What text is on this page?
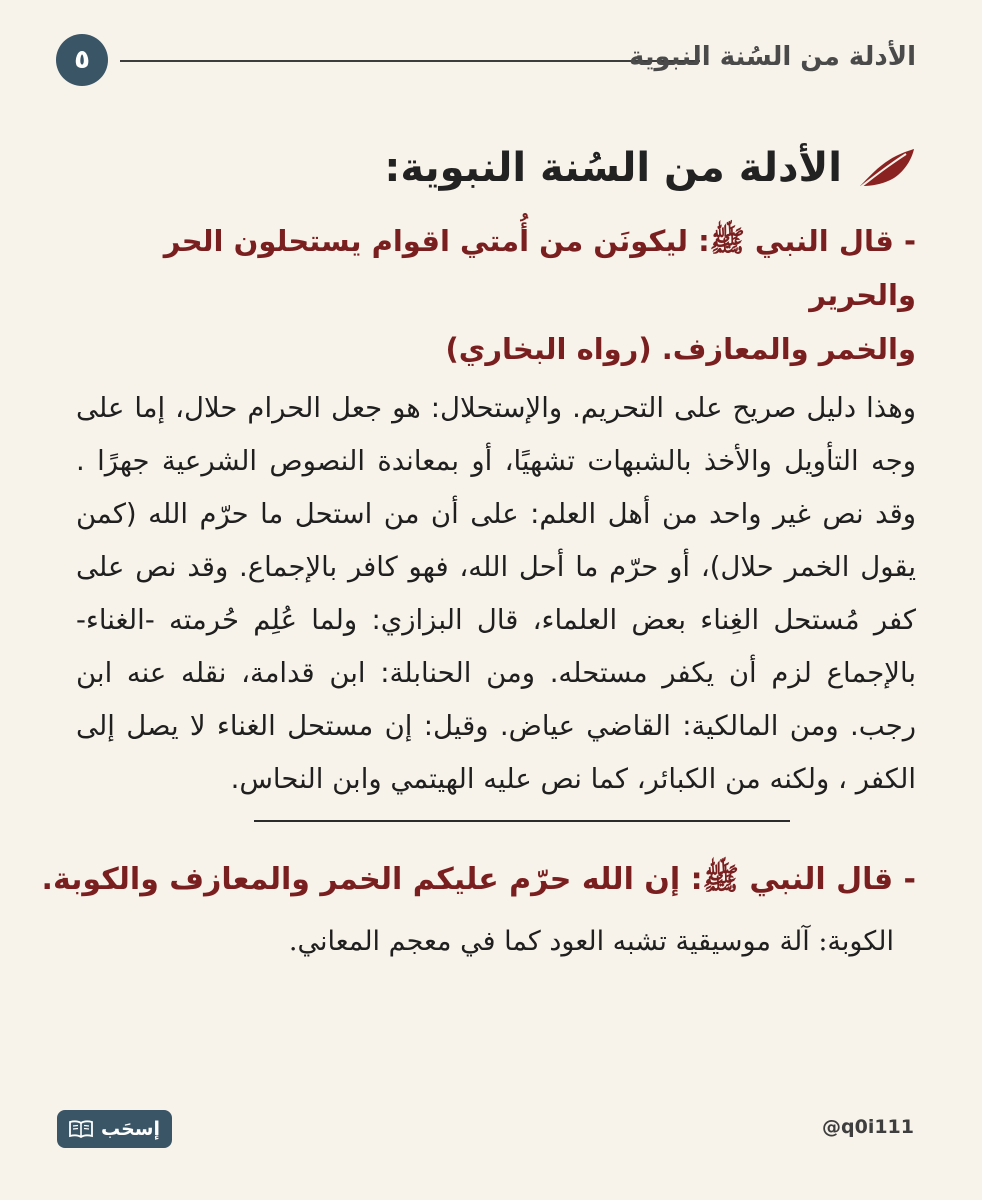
٥	الأدلة من السُنة النبوية
الأدلة من السُنة النبوية:

- قال النبي ﷺ: ليكونَن من أُمتي اقوام يستحلون الحر والحرير
والخمر والمعازف. (رواه البخاري)

وهذا دليل صريح على التحريم. والإستحلال: هو جعل الحرام حلال، إما على وجه التأويل والأخذ بالشبهات تشهيًا، أو بمعاندة النصوص الشرعية جهرًا . وقد نص غير واحد من أهل العلم: على أن من استحل ما حرّم الله (كمن يقول الخمر حلال)، أو حرّم ما أحل الله، فهو كافر بالإجماع. وقد نص على كفر مُستحل الغِناء بعض العلماء، قال البزازي: ولما عُلِم حُرمته -الغناء- بالإجماع لزم أن يكفر مستحله. ومن الحنابلة: ابن قدامة، نقله عنه ابن رجب. ومن المالكية: القاضي عياض. وقيل: إن مستحل الغناء لا يصل إلى الكفر ، ولكنه من الكبائر، كما نص عليه الهيتمي وابن النحاس.

- قال النبي ﷺ: إن الله حرّم عليكم الخمر والمعازف والكوبة.

الكوبة: آلة موسيقية تشبه العود كما في معجم المعاني.

@q0i111
إسحَب
